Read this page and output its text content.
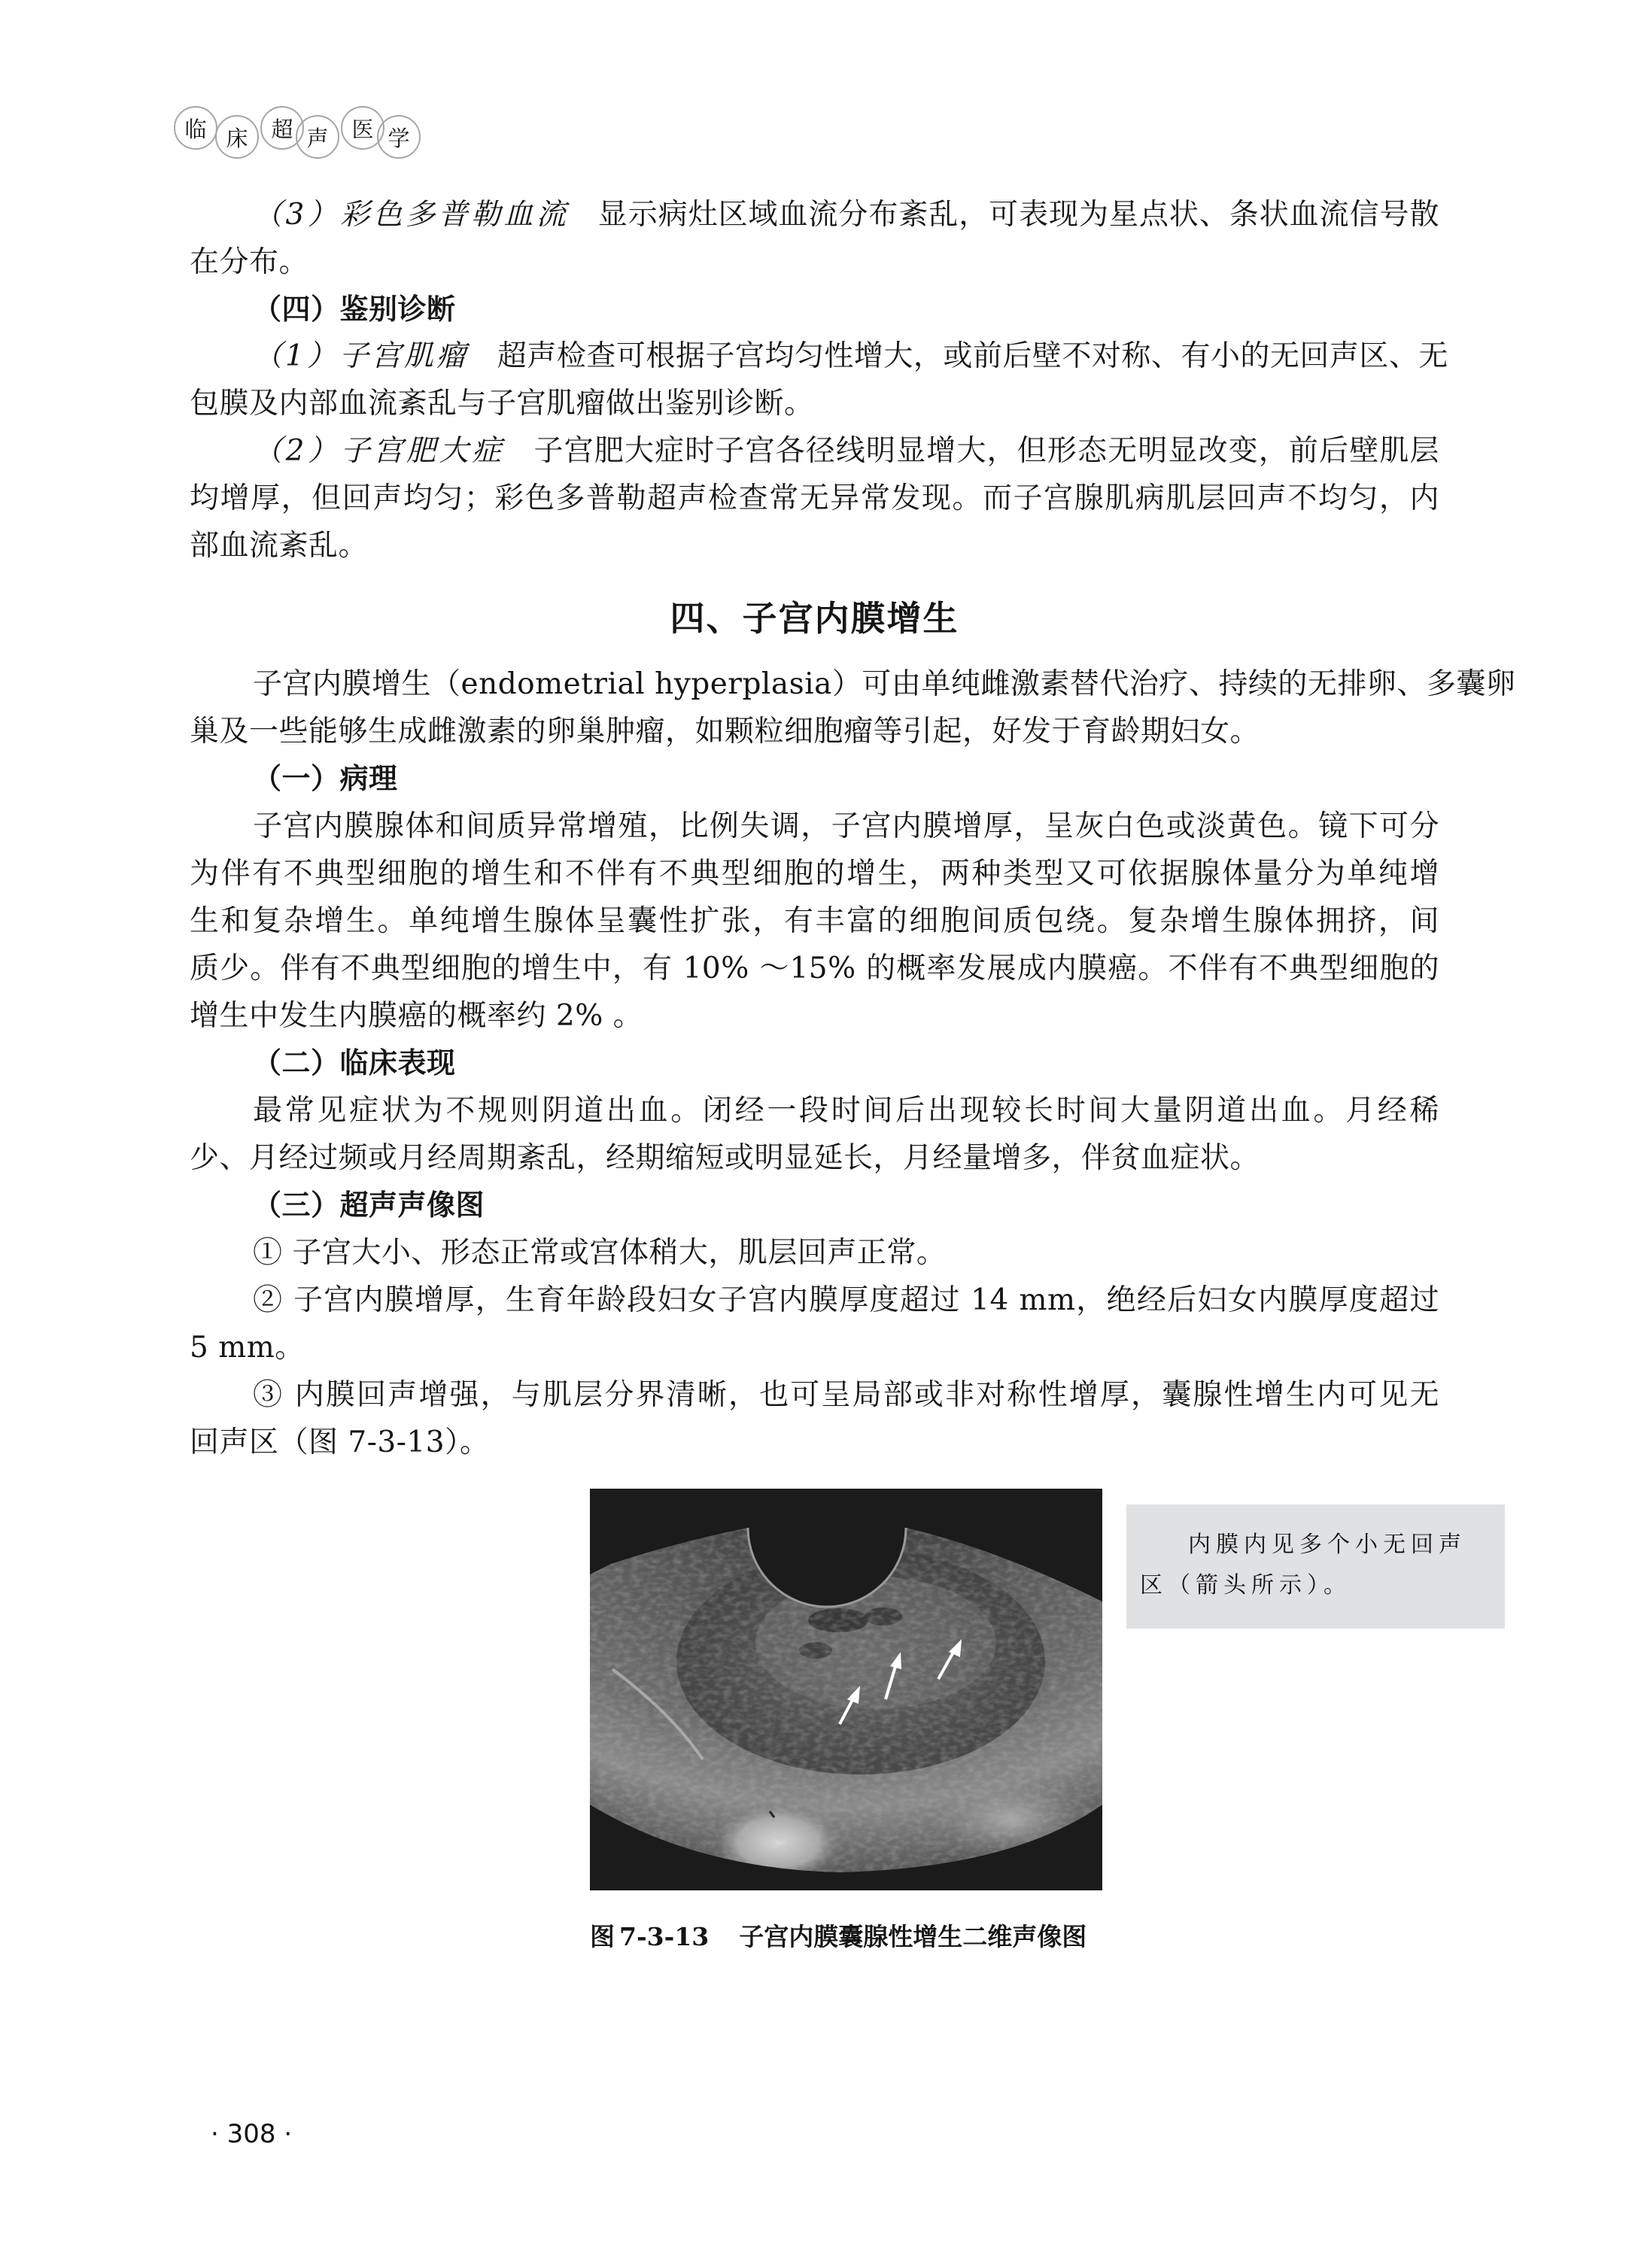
临 床	超 声	医 学
（3）彩色多普勒血流 显示病灶区域血流分布紊乱，可表现为星点状、条状血流信号散
在分布。
（四）鉴别诊断
（1）子宫肌瘤 超声检查可根据子宫均匀性增大，或前后壁不对称、有小的无回声区、无
包膜及内部血流紊乱与子宫肌瘤做出鉴别诊断。
（2）子宫肥大症 子宫肥大症时子宫各径线明显增大，但形态无明显改变，前后壁肌层
均增厚，但回声均匀；彩色多普勒超声检查常无异常发现。而子宫腺肌病肌层回声不均匀，内
部血流紊乱。
四、子宫内膜增生
子宫内膜增生（endometrial hyperplasia）可由单纯雌激素替代治疗、持续的无排卵、多囊卵
巢及一些能够生成雌激素的卵巢肿瘤，如颗粒细胞瘤等引起，好发于育龄期妇女。
（一）病理
子宫内膜腺体和间质异常增殖，比例失调，子宫内膜增厚，呈灰白色或淡黄色。镜下可分
为伴有不典型细胞的增生和不伴有不典型细胞的增生，两种类型又可依据腺体量分为单纯增
生和复杂增生。单纯增生腺体呈囊性扩张，有丰富的细胞间质包绕。复杂增生腺体拥挤，间
质少。伴有不典型细胞的增生中，有 10% ～15% 的概率发展成内膜癌。不伴有不典型细胞的
增生中发生内膜癌的概率约 2% 。
（二）临床表现
最常见症状为不规则阴道出血。闭经一段时间后出现较长时间大量阴道出血。月经稀
少、月经过频或月经周期紊乱，经期缩短或明显延长，月经量增多，伴贫血症状。
（三）超声声像图
① 子宫大小、形态正常或宫体稍大，肌层回声正常。
② 子宫内膜增厚，生育年龄段妇女子宫内膜厚度超过 14 mm，绝经后妇女内膜厚度超过
5 mm。
③ 内膜回声增强，与肌层分界清晰，也可呈局部或非对称性增厚，囊腺性增生内可见无
回声区（图 7-3-13）。
内膜内见多个小无回声
区（箭头所示）。
图 7-3-13 子宫内膜囊腺性增生二维声像图
· 308 ·
